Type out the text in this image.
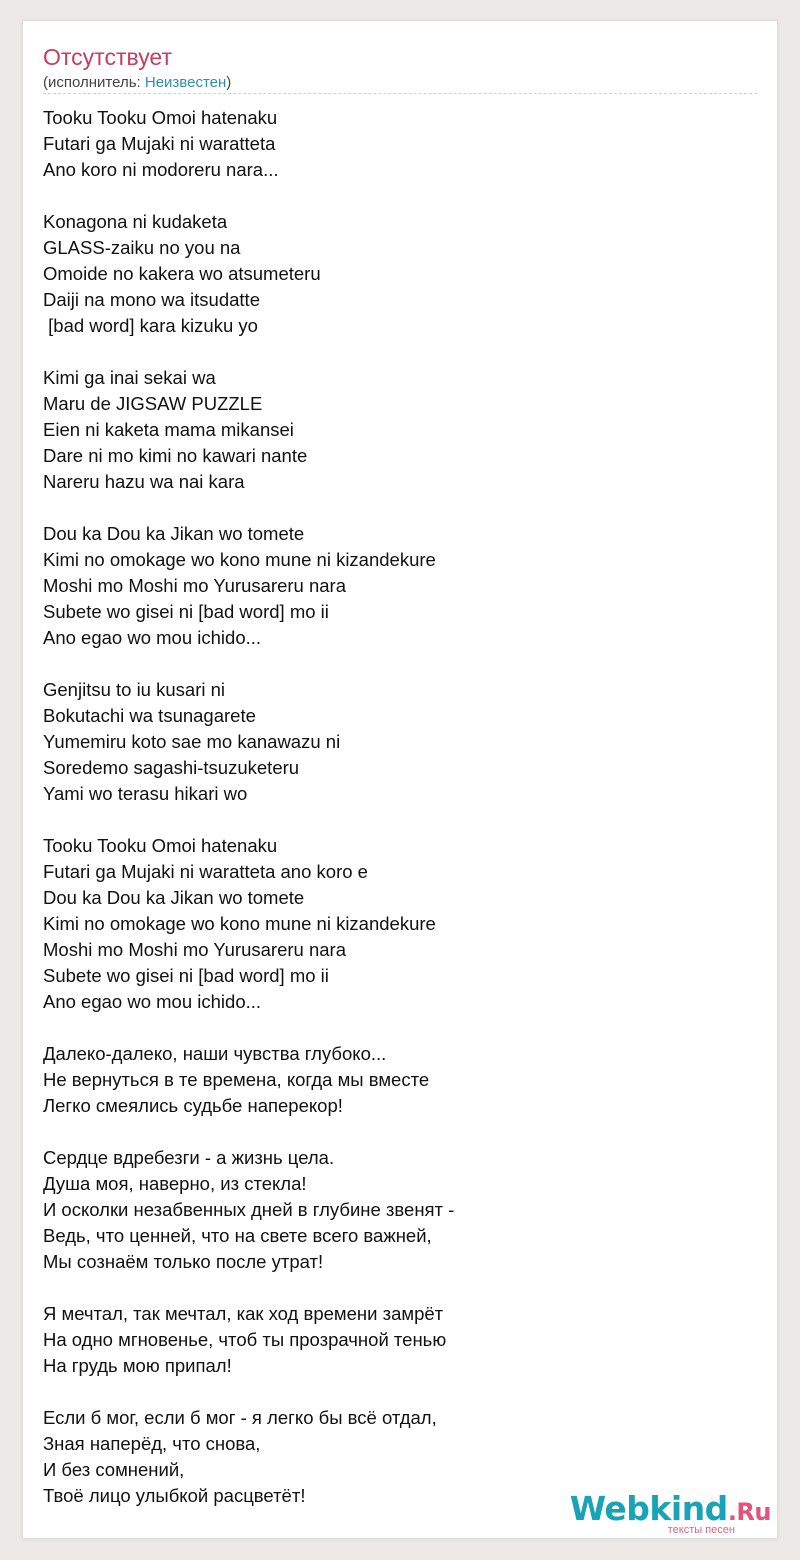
Отсутствует
(исполнитель: Неизвестен)
Tooku Tooku Omoi hatenaku
Futari ga Mujaki ni waratteta
Ano koro ni modoreru nara...
Konagona ni kudaketa
GLASS-zaiku no you na
Omoide no kakera wo atsumeteru
Daiji na mono wa itsudatte
[bad word] kara kizuku yo
Kimi ga inai sekai wa
Maru de JIGSAW PUZZLE
Eien ni kaketa mama mikansei
Dare ni mo kimi no kawari nante
Nareru hazu wa nai kara
Dou ka Dou ka Jikan wo tomete
Kimi no omokage wo kono mune ni kizandekure
Moshi mo Moshi mo Yurusareru nara
Subete wo gisei ni [bad word] mo ii
Ano egao wo mou ichido...
Genjitsu to iu kusari ni
Bokutachi wa tsunagarete
Yumemiru koto sae mo kanawazu ni
Soredemo sagashi-tsuzuketeru
Yami wo terasu hikari wo
Tooku Tooku Omoi hatenaku
Futari ga Mujaki ni waratteta ano koro e
Dou ka Dou ka Jikan wo tomete
Kimi no omokage wo kono mune ni kizandekure
Moshi mo Moshi mo Yurusareru nara
Subete wo gisei ni [bad word] mo ii
Ano egao wo mou ichido...
Далеко-далеко, наши чувства глубоко...
Не вернуться в те времена, когда мы вместе
Легко смеялись судьбе наперекор!
Сердце вдребезги - а жизнь цела.
Душа моя, наверно, из стекла!
И осколки незабвенных дней в глубине звенят -
Ведь, что ценней, что на свете всего важней,
Мы сознаём только после утрат!
Я мечтал, так мечтал, как ход времени замрёт
На одно мгновенье, чтоб ты прозрачной тенью
На грудь мою припал!
Если б мог, если б мог - я легко бы всё отдал,
Зная наперёд, что снова,
И без сомнений,
Твоё лицо улыбкой расцветёт!	Webkind.Ru
тексты песен
